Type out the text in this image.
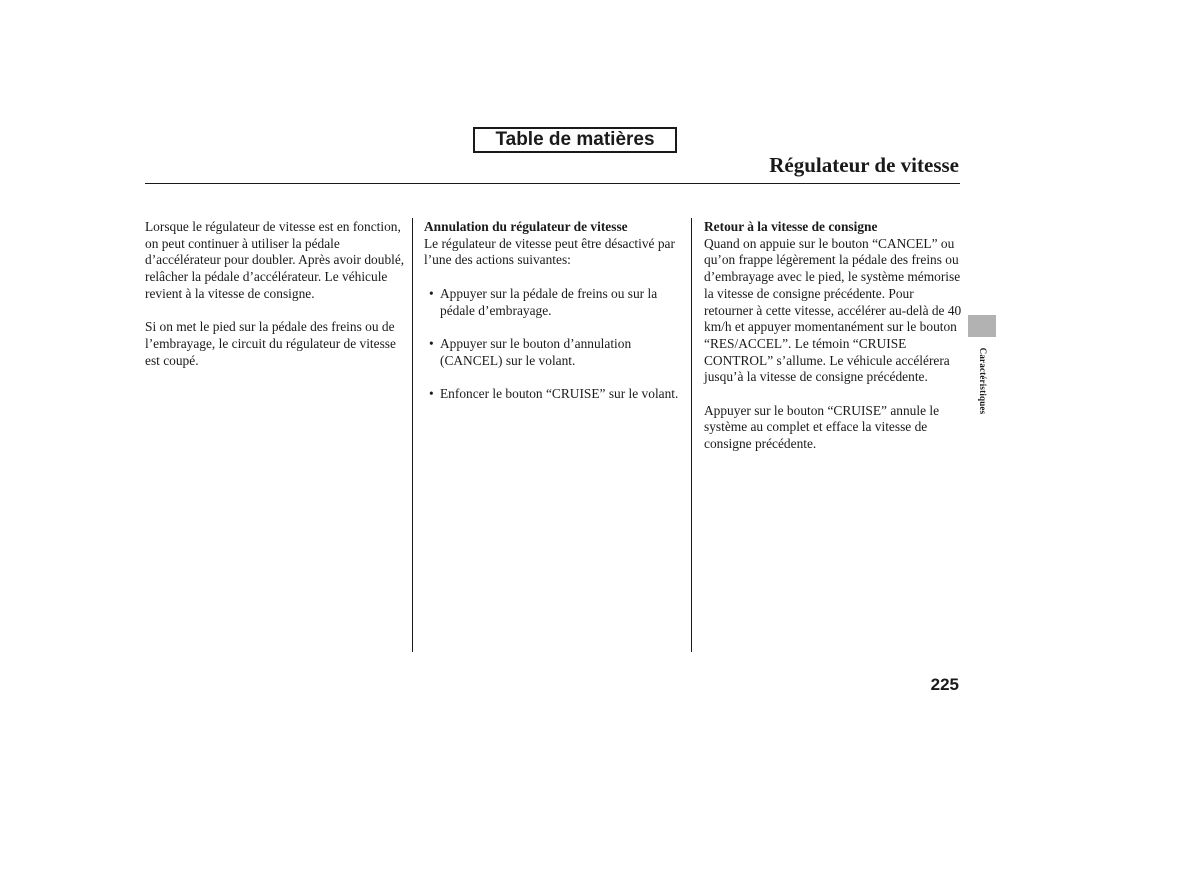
Table de matières
Régulateur de vitesse

Lorsque le régulateur de vitesse est en fonction, on peut continuer à utiliser la pédale d’accélérateur pour doubler. Après avoir doublé, relâcher la pédale d’accélérateur. Le véhicule revient à la vitesse de consigne.

Si on met le pied sur la pédale des freins ou de l’embrayage, le circuit du régulateur de vitesse est coupé.

Annulation du régulateur de vitesse

Le régulateur de vitesse peut être désactivé par l’une des actions suivantes:

• Appuyer sur la pédale de freins ou sur la pédale d’embrayage.
• Appuyer sur le bouton d’annulation (CANCEL) sur le volant.
• Enfoncer le bouton “CRUISE” sur le volant.
Retour à la vitesse de consigne

Quand on appuie sur le bouton “CANCEL” ou qu’on frappe légèrement la pédale des freins ou d’embrayage avec le pied, le système mémorise la vitesse de consigne précédente. Pour retourner à cette vitesse, accélérer au-delà de 40 km/h et appuyer momentanément sur le bouton “RES/ACCEL”. Le témoin “CRUISE CONTROL” s’allume. Le véhicule accélérera jusqu’à la vitesse de consigne précédente.

Appuyer sur le bouton “CRUISE” annule le système au complet et efface la vitesse de consigne précédente.

Caractéristiques
225
